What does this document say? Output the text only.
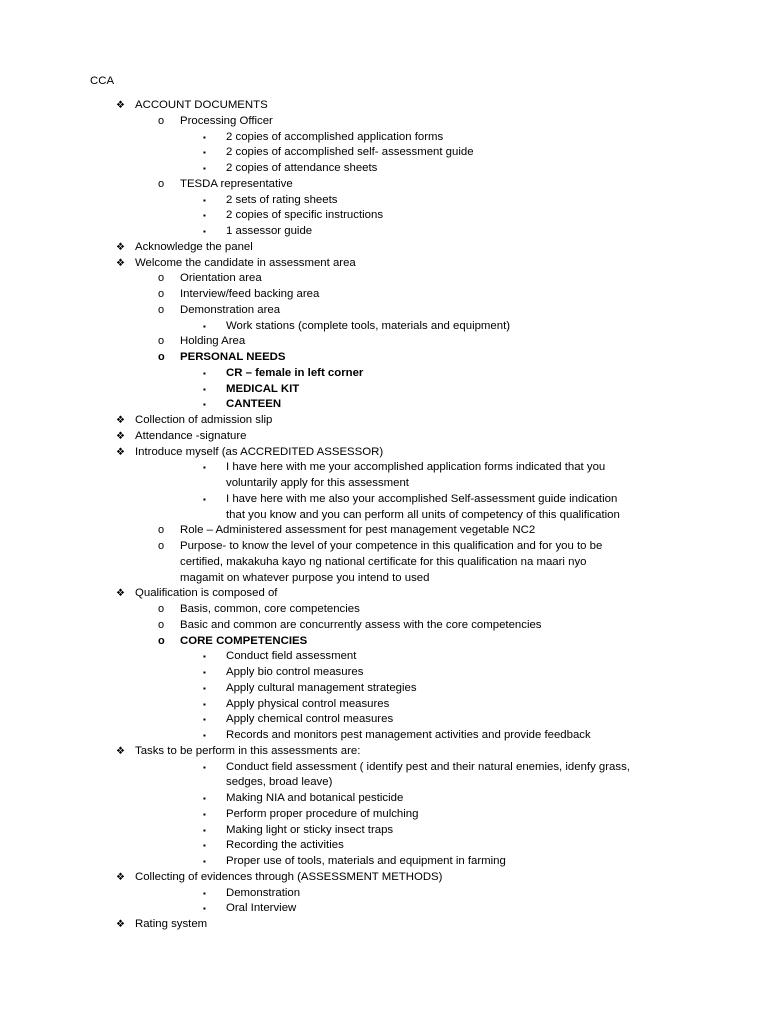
CCA
❖ ACCOUNT DOCUMENTS
o Processing Officer
▪ 2 copies of accomplished application forms
▪ 2 copies of accomplished self- assessment guide
▪ 2 copies of attendance sheets
o TESDA representative
▪ 2 sets of rating sheets
▪ 2 copies of specific instructions
▪ 1 assessor guide
❖ Acknowledge the panel
❖ Welcome the candidate in assessment area
o Orientation area
o Interview/feed backing area
o Demonstration area
▪ Work stations (complete tools, materials and equipment)
o Holding Area
o PERSONAL NEEDS
▪ CR – female in left corner
▪ MEDICAL KIT
▪ CANTEEN
❖ Collection of admission slip
❖ Attendance -signature
❖ Introduce myself (as ACCREDITED ASSESSOR)
▪ I have here with me your accomplished application forms indicated that you
voluntarily apply for this assessment
▪ I have here with me also your accomplished Self-assessment guide indication
that you know and you can perform all units of competency of this qualification
o Role – Administered assessment for pest management vegetable NC2
o Purpose- to know the level of your competence in this qualification and for you to be
certified, makakuha kayo ng national certificate for this qualification na maari nyo
magamit on whatever purpose you intend to used
❖ Qualification is composed of
o Basis, common, core competencies
o Basic and common are concurrently assess with the core competencies
o CORE COMPETENCIES
▪ Conduct field assessment
▪ Apply bio control measures
▪ Apply cultural management strategies
▪ Apply physical control measures
▪ Apply chemical control measures
▪ Records and monitors pest management activities and provide feedback
❖ Tasks to be perform in this assessments are:
▪ Conduct field assessment ( identify pest and their natural enemies, idenfy grass,
sedges, broad leave)
▪ Making NIA and botanical pesticide
▪ Perform proper procedure of mulching
▪ Making light or sticky insect traps
▪ Recording the activities
▪ Proper use of tools, materials and equipment in farming
❖ Collecting of evidences through (ASSESSMENT METHODS)
▪ Demonstration
▪ Oral Interview
❖ Rating system
